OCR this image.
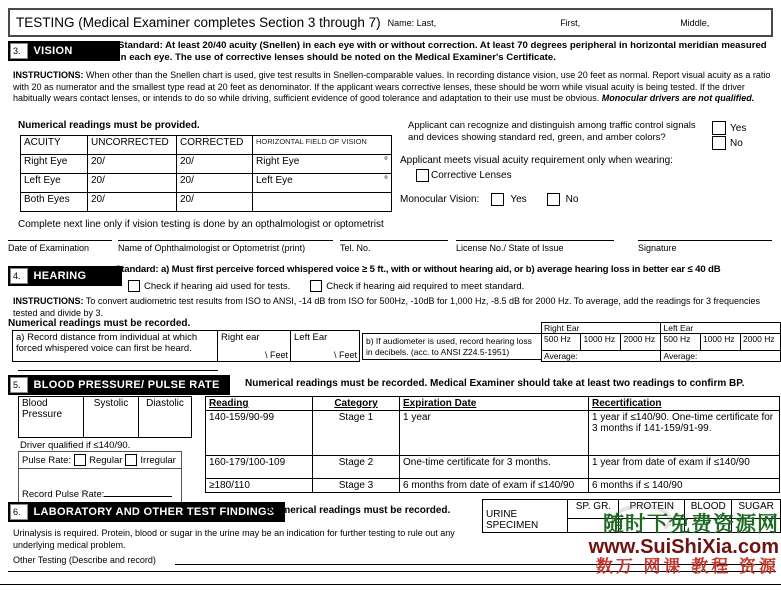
TESTING (Medical Examiner completes Section 3 through 7) Name: Last,	First,	Middle,
3.	VISION	Standard: At least 20/40 acuity (Snellen) in each eye with or without correction. At least 70 degrees peripheral in horizontal meridian measured in each eye. The use of corrective lenses should be noted on the Medical Examiner's Certificate.
INSTRUCTIONS: When other than the Snellen chart is used, give test results in Snellen-comparable values. In recording distance vision, use 20 feet as normal. Report visual acuity as a ratio with 20 as numerator and the smallest type read at 20 feet as denominator. If the applicant wears corrective lenses, these should be worn while visual acuity is being tested. If the driver habitually wears contact lenses, or intends to do so while driving, sufficient evidence of good tolerance and adaptation to their use must be obvious. Monocular drivers are not qualified.
Numerical readings must be provided.
ACUITY	UNCORRECTED	CORRECTED	HORIZONTAL FIELD OF VISION
Right Eye	20/	20/	Right Eye °

Left Eye	20/	20/	Left Eye °

Both Eyes	20/	20/	
Applicant can recognize and distinguish among traffic control signals and devices showing standard red, green, and amber colors?
Yes
No
Applicant meets visual acuity requirement only when wearing:
Corrective Lenses
Monocular Vision:	Yes	No
Complete next line only if vision testing is done by an opthalmologist or optometrist
Date of Examination	Name of Ophthalmologist or Optometrist (print)	Tel. No.	License No./ State of Issue	Signature
4.	HEARING
Standard: a) Must first perceive forced whispered voice ≥ 5 ft., with or without hearing aid, or b) average hearing loss in better ear ≤ 40 dB
Check if hearing aid used for tests.	Check if hearing aid required to meet standard.
INSTRUCTIONS: To convert audiometric test results from ISO to ANSI, -14 dB from ISO for 500Hz, -10dB for 1,000 Hz, -8.5 dB for 2000 Hz. To average, add the readings for 3 frequencies tested and divide by 3.
Numerical readings must be recorded.
a) Record distance from individual at which forced whispered voice can first be heard.	Right ear
\ Feet
	Left Ear
\ Feet
b) If audiometer is used, record hearing loss in decibels. (acc. to ANSI Z24.5-1951)
Right Ear			Left Ear		
500 Hz	1000 Hz	2000 Hz	500 Hz	1000 Hz	2000 Hz
Average:			Average:		
5.	BLOOD PRESSURE/ PULSE RATE	Numerical readings must be recorded. Medical Examiner should take at least two readings to confirm BP.
Blood Pressure	Systolic	Diastolic
Driver qualified if ≤140/90.
Pulse Rate: Regular Irregular
Record Pulse Rate:
Reading	Category	Expiration Date	Recertification
140-159/90-99	Stage 1	1 year	1 year if ≤140/90. One-time certificate for 3 months if 141-159/91-99.
160-179/100-109	Stage 2	One-time certificate for 3 months.	1 year from date of exam if ≤140/90
≥180/110	Stage 3	6 months from date of exam if ≤140/90	6 months if ≤ 140/90
6.	LABORATORY AND OTHER TEST FINDINGS
Numerical readings must be recorded.	URINE SPECIMEN	SP. GR.	PROTEIN	BLOOD	SUGAR

Urinalysis is required. Protein, blood or sugar in the urine may be an indication for further testing to rule out any underlying medical problem.
Other Testing (Describe and record)
随时下免费资源网
www.SuiShiXia.com
数万 网课 教程 资源
